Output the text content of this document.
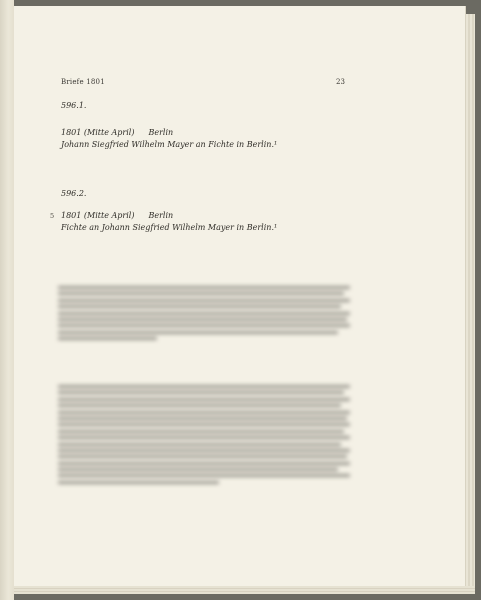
Briefe 1801	23
596.1.
1801 (Mitte April) Berlin
Johann Siegfried Wilhelm Mayer an Fichte in Berlin.¹
596.2.
5 1801 (Mitte April) Berlin
Fichte an Johann Siegfried Wilhelm Mayer in Berlin.¹
